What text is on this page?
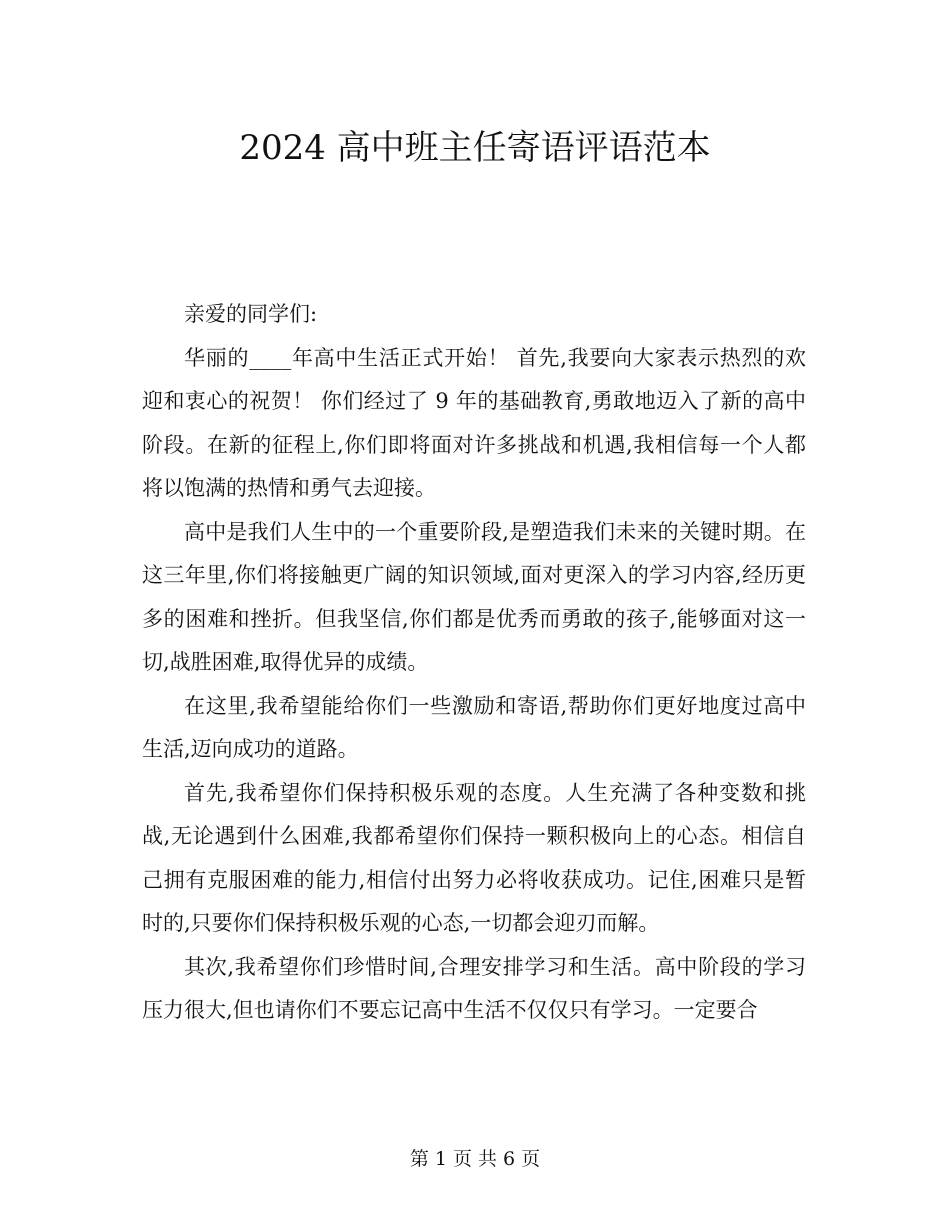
2024 高中班主任寄语评语范本

亲爱的同学们:

华丽的____年高中生活正式开始！ 首先,我要向大家表示热烈的欢迎和衷心的祝贺！ 你们经过了 9 年的基础教育,勇敢地迈入了新的高中阶段。在新的征程上,你们即将面对许多挑战和机遇,我相信每一个人都将以饱满的热情和勇气去迎接。

高中是我们人生中的一个重要阶段,是塑造我们未来的关键时期。在这三年里,你们将接触更广阔的知识领域,面对更深入的学习内容,经历更多的困难和挫折。但我坚信,你们都是优秀而勇敢的孩子,能够面对这一切,战胜困难,取得优异的成绩。

在这里,我希望能给你们一些激励和寄语,帮助你们更好地度过高中生活,迈向成功的道路。

首先,我希望你们保持积极乐观的态度。人生充满了各种变数和挑战,无论遇到什么困难,我都希望你们保持一颗积极向上的心态。相信自己拥有克服困难的能力,相信付出努力必将收获成功。记住,困难只是暂时的,只要你们保持积极乐观的心态,一切都会迎刃而解。

其次,我希望你们珍惜时间,合理安排学习和生活。高中阶段的学习压力很大,但也请你们不要忘记高中生活不仅仅只有学习。一定要合

第 1 页 共 6 页
